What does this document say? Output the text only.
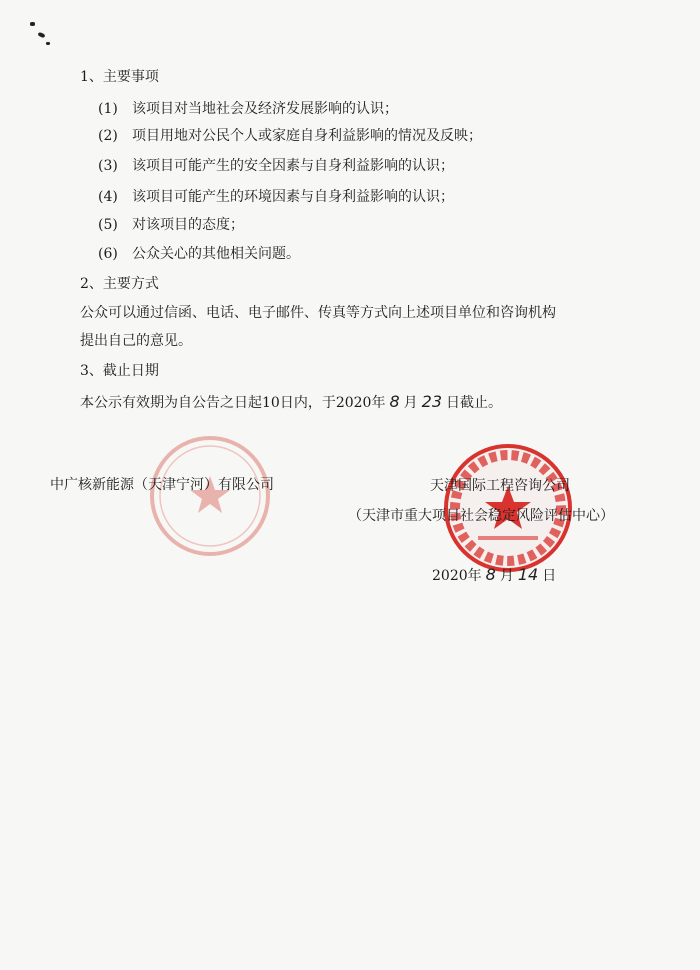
1、主要事项
(1) 该项目对当地社会及经济发展影响的认识；
(2) 项目用地对公民个人或家庭自身利益影响的情况及反映；
(3) 该项目可能产生的安全因素与自身利益影响的认识；
(4) 该项目可能产生的环境因素与自身利益影响的认识；
(5) 对该项目的态度；
(6) 公众关心的其他相关问题。
2、主要方式
公众可以通过信函、电话、电子邮件、传真等方式向上述项目单位和咨询机构
提出自己的意见。
3、截止日期
本公示有效期为自公告之日起10日内，于2020年 8 月 23 日截止。
中广核新能源（天津宁河）有限公司	天津国际工程咨询公司
（天津市重大项目社会稳定风险评估中心）
2020年 8 月 14 日
